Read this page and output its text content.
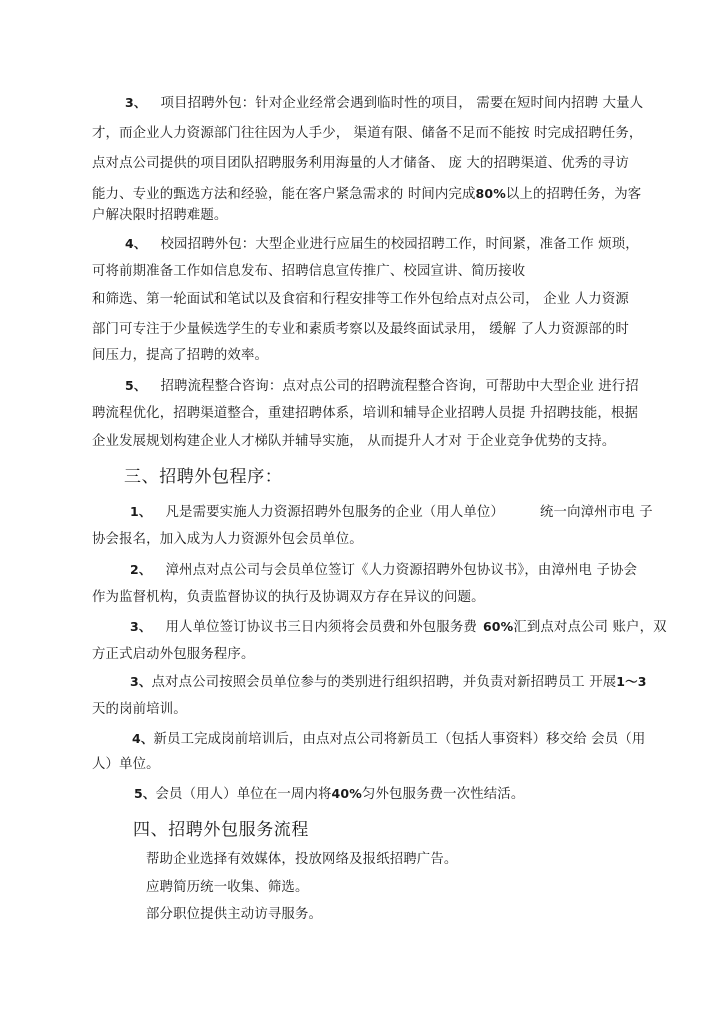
3、 项目招聘外包：针对企业经常会遇到临时性的项目， 需要在短时间内招聘 大量人
才，而企业人力资源部门往往因为人手少， 渠道有限、储备不足而不能按 时完成招聘任务，
点对点公司提供的项目团队招聘服务利用海量的人才储备、 庞 大的招聘渠道、优秀的寻访
能力、专业的甄选方法和经验，能在客户紧急需求的 时间内完成80%以上的招聘任务，为客
户解决限时招聘难题。
4、 校园招聘外包：大型企业进行应届生的校园招聘工作，时间紧，准备工作 烦琐，
可将前期准备工作如信息发布、招聘信息宣传推广、校园宣讲、简历接收
和筛选、第一轮面试和笔试以及食宿和行程安排等工作外包给点对点公司， 企业 人力资源
部门可专注于少量候选学生的专业和素质考察以及最终面试录用， 缓解 了人力资源部的时
间压力，提高了招聘的效率。
5、 招聘流程整合咨询：点对点公司的招聘流程整合咨询，可帮助中大型企业 进行招
聘流程优化，招聘渠道整合，重建招聘体系，培训和辅导企业招聘人员提 升招聘技能，根据
企业发展规划构建企业人才梯队并辅导实施， 从而提升人才对 于企业竞争优势的支持。
三、招聘外包程序：
1、 凡是需要实施人力资源招聘外包服务的企业（用人单位）	统一向漳州市电 子
协会报名，加入成为人力资源外包会员单位。
2、 漳州点对点公司与会员单位签订《人力资源招聘外包协议书》，由漳州电 子协会
作为监督机构，负责监督协议的执行及协调双方存在异议的问题。
3、 用人单位签订协议书三日内须将会员费和外包服务费 60%汇到点对点公司 账户，双
方正式启动外包服务程序。
3、点对点公司按照会员单位参与的类别进行组织招聘，并负责对新招聘员工 开展1～3
天的岗前培训。
4、新员工完成岗前培训后，由点对点公司将新员工（包括人事资料）移交给 会员（用
人）单位。
5、会员（用人）单位在一周内将40%匀外包服务费一次性结活。
四、招聘外包服务流程
帮助企业选择有效媒体，投放网络及报纸招聘广告。
应聘简历统一收集、筛选。
部分职位提供主动访寻服务。
